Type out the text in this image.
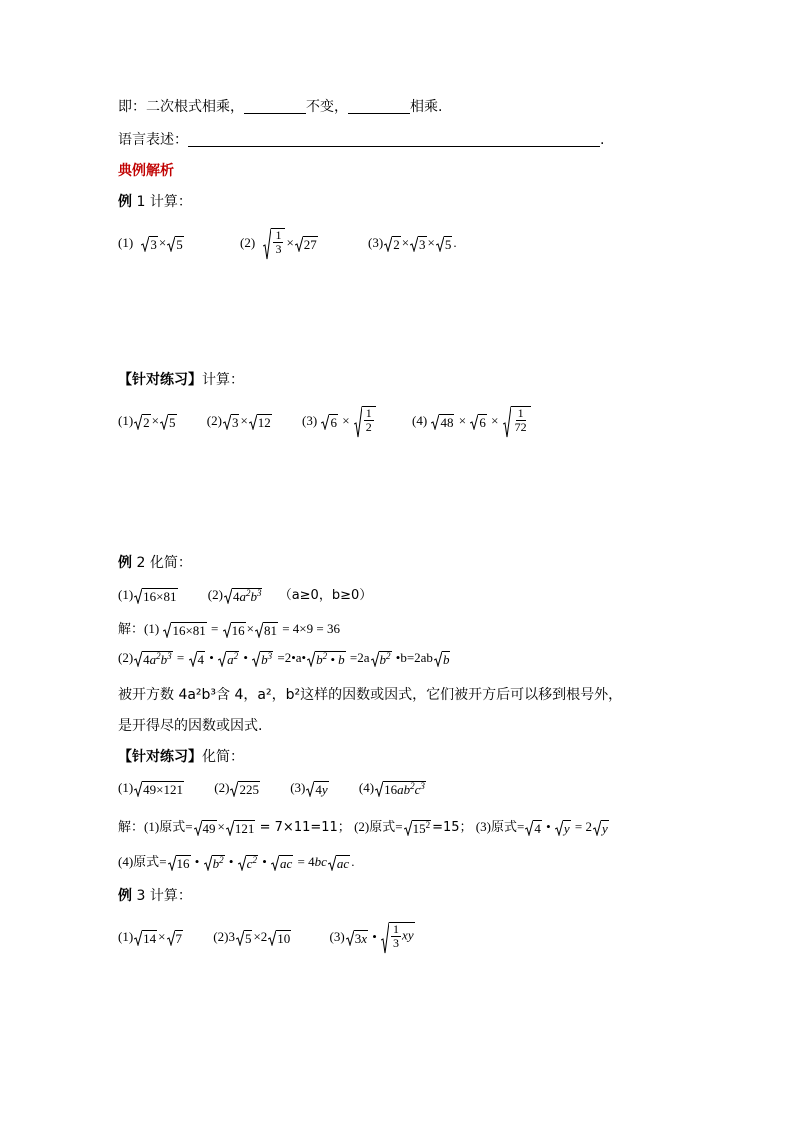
即：二次根式相乘，	不变，	相乘.
语言表述：	.
典例解析
例 1 计算：
(1) 3 × 5	$(2) \frac{1}{3} \times 27$	(3) 2 × 3 × 5 .
【针对练习】计算：
(1) 2 × 5 (2) 3 × 12 (3) $6 \times \frac{1}{2}$	(4) $48 \times 6 \times \frac{1}{72}$
例 2 化简：
(1) 16×81 (2) $4a^2b^3$ （a≥0，b≥0）
解：(1) 16×81 = 16 × 81 = 4×9 = 36
(2) $4a^2b^3 = 4$ • $a^2$ • $b^3$ =2•a• $b^2$ • b =2a $b^2$ •b=2ab b
被开方数 4a²b³含 4，a²，b²这样的因数或因式，它们被开方后可以移到根号外，
是开得尽的因数或因式.
【针对练习】化简：
(1) 49×121 (2) 225 (3) 4y (4) $16ab^2c^3$
解：(1)原式= 49 × 121 = 7×11=11； (2)原式= $15^2 =15$； (3)原式= 4 • y = 2 y
(4)原式= 16 • $b^2$ • $c^2$ • ac = 4bc ac .
例 3 计算：
(1) 14 × 7 (2)3 5 ×2 10	(3) 3x • $\frac{1}{3}$ xy
